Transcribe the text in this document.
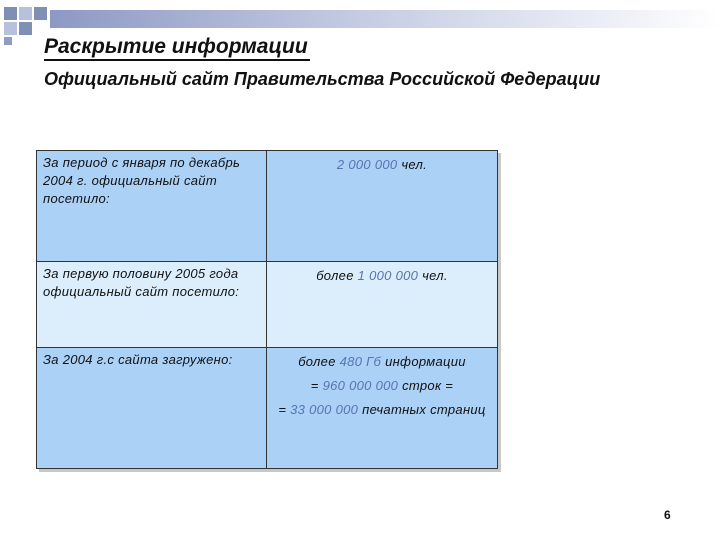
Раскрытие информации
Официальный сайт Правительства Российской Федерации
За период с января по декабрь 2004 г. официальный сайт посетило:	2 000 000 чел.
За первую половину 2005 года официальный сайт посетило:	более 1 000 000 чел.
За 2004 г.с сайта загружено:	более 480 Гб информации
= 960 000 000 строк =
= 33 000 000 печатных страниц
6
